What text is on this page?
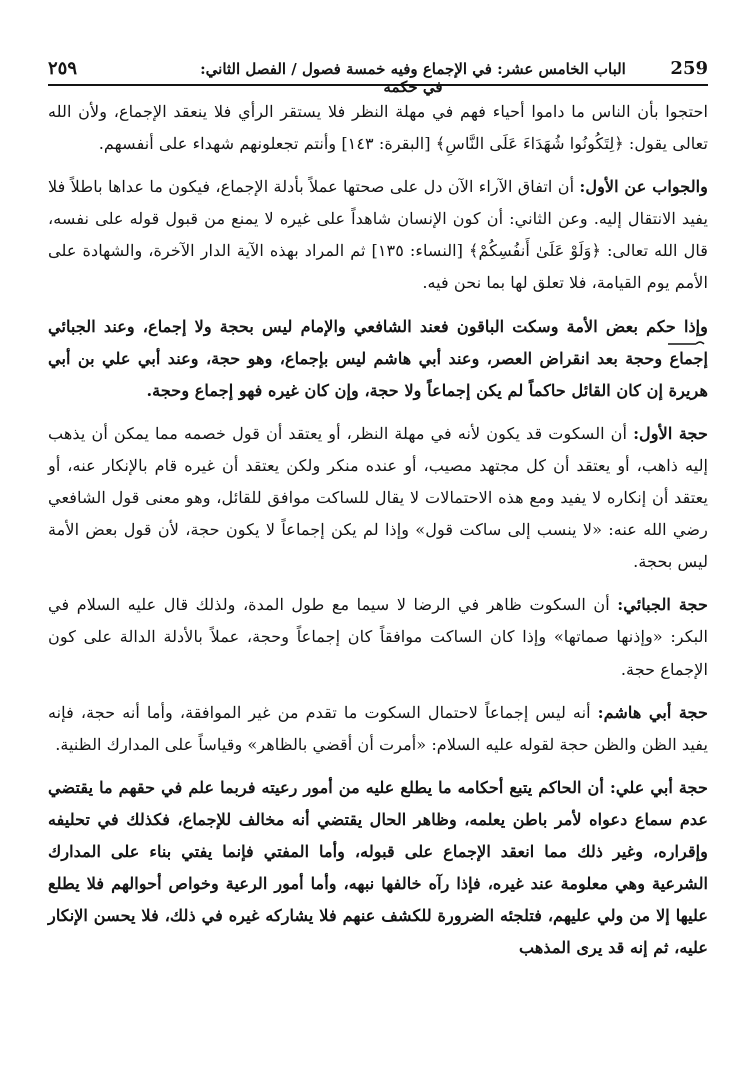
259
الباب الخامس عشر: في الإجماع وفيه خمسة فصول / الفصل الثاني: في حكمه
٢٥٩

احتجوا بأن الناس ما داموا أحياء فهم في مهلة النظر فلا يستقر الرأي فلا ينعقد الإجماع، ولأن الله تعالى يقول: ﴿لِتَكُونُوا شُهَدَاءَ عَلَى النَّاسِ﴾ [البقرة: ١٤٣] وأنتم تجعلونهم شهداء على أنفسهم.

والجواب عن الأول: أن اتفاق الآراء الآن دل على صحتها عملاً بأدلة الإجماع، فيكون ما عداها باطلاً فلا يفيد الانتقال إليه. وعن الثاني: أن كون الإنسان شاهداً على غيره لا يمنع من قبول قوله على نفسه، قال الله تعالى: ﴿وَلَوْ عَلَىٰ أَنفُسِكُمْ﴾ [النساء: ١٣٥] ثم المراد بهذه الآية الدار الآخرة، والشهادة على الأمم يوم القيامة، فلا تعلق لها بما نحن فيه.

وإذا حكم بعض الأمة وسكت الباقون فعند الشافعي والإمام ليس بحجة ولا إجماع، وعند الجبائي إجماع وحجة بعد انقراض العصر، وعند أبي هاشم ليس بإجماع، وهو حجة، وعند أبي علي بن أبي هريرة إن كان القائل حاكماً لم يكن إجماعاً ولا حجة، وإن كان غيره فهو إجماع وحجة.

حجة الأول: أن السكوت قد يكون لأنه في مهلة النظر، أو يعتقد أن قول خصمه مما يمكن أن يذهب إليه ذاهب، أو يعتقد أن كل مجتهد مصيب، أو عنده منكر ولكن يعتقد أن غيره قام بالإنكار عنه، أو يعتقد أن إنكاره لا يفيد ومع هذه الاحتمالات لا يقال للساكت موافق للقائل، وهو معنى قول الشافعي رضي الله عنه: «لا ينسب إلى ساكت قول» وإذا لم يكن إجماعاً لا يكون حجة، لأن قول بعض الأمة ليس بحجة.

حجة الجبائي: أن السكوت ظاهر في الرضا لا سيما مع طول المدة، ولذلك قال عليه السلام في البكر: «وإذنها صماتها» وإذا كان الساكت موافقاً كان إجماعاً وحجة، عملاً بالأدلة الدالة على كون الإجماع حجة.

حجة أبي هاشم: أنه ليس إجماعاً لاحتمال السكوت ما تقدم من غير الموافقة، وأما أنه حجة، فإنه يفيد الظن والظن حجة لقوله عليه السلام: «أمرت أن أقضي بالظاهر» وقياساً على المدارك الظنية.

حجة أبي علي: أن الحاكم يتبع أحكامه ما يطلع عليه من أمور رعيته فربما علم في حقهم ما يقتضي عدم سماع دعواه لأمر باطن يعلمه، وظاهر الحال يقتضي أنه مخالف للإجماع، فكذلك في تحليفه وإقراره، وغير ذلك مما انعقد الإجماع على قبوله، وأما المفتي فإنما يفتي بناء على المدارك الشرعية وهي معلومة عند غيره، فإذا رآه خالفها نبهه، وأما أمور الرعية وخواص أحوالهم فلا يطلع عليها إلا من ولي عليهم، فتلجئه الضرورة للكشف عنهم فلا يشاركه غيره في ذلك، فلا يحسن الإنكار عليه، ثم إنه قد يرى المذهب
